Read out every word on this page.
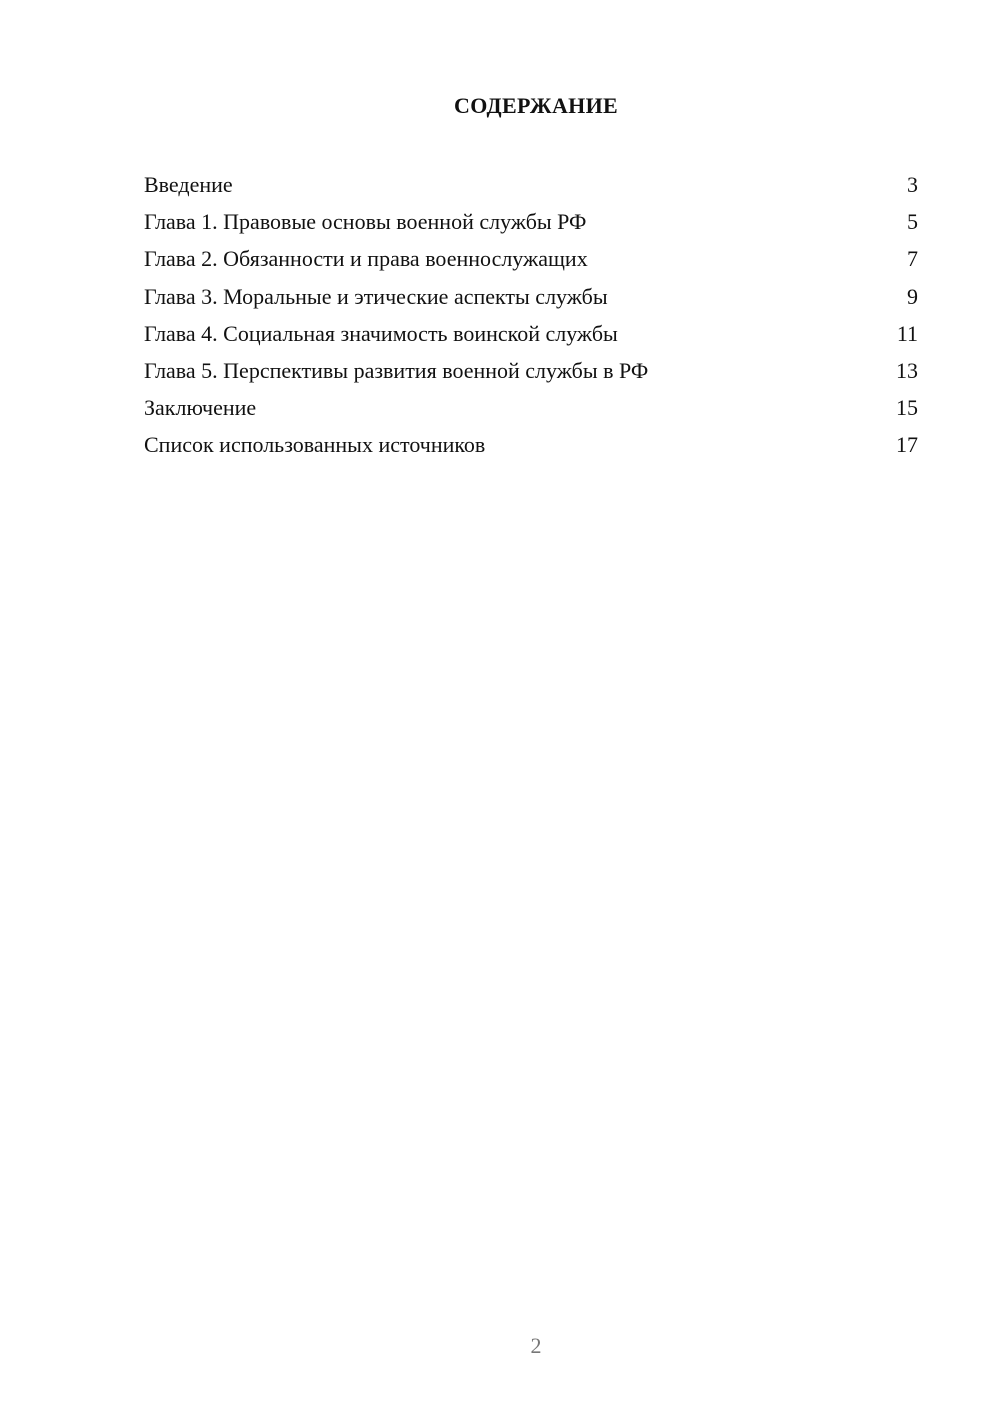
СОДЕРЖАНИЕ
Введение	3
Глава 1. Правовые основы военной службы РФ	5
Глава 2. Обязанности и права военнослужащих	7
Глава 3. Моральные и этические аспекты службы	9
Глава 4. Социальная значимость воинской службы	11
Глава 5. Перспективы развития военной службы в РФ	13
Заключение	15
Список использованных источников	17
2
